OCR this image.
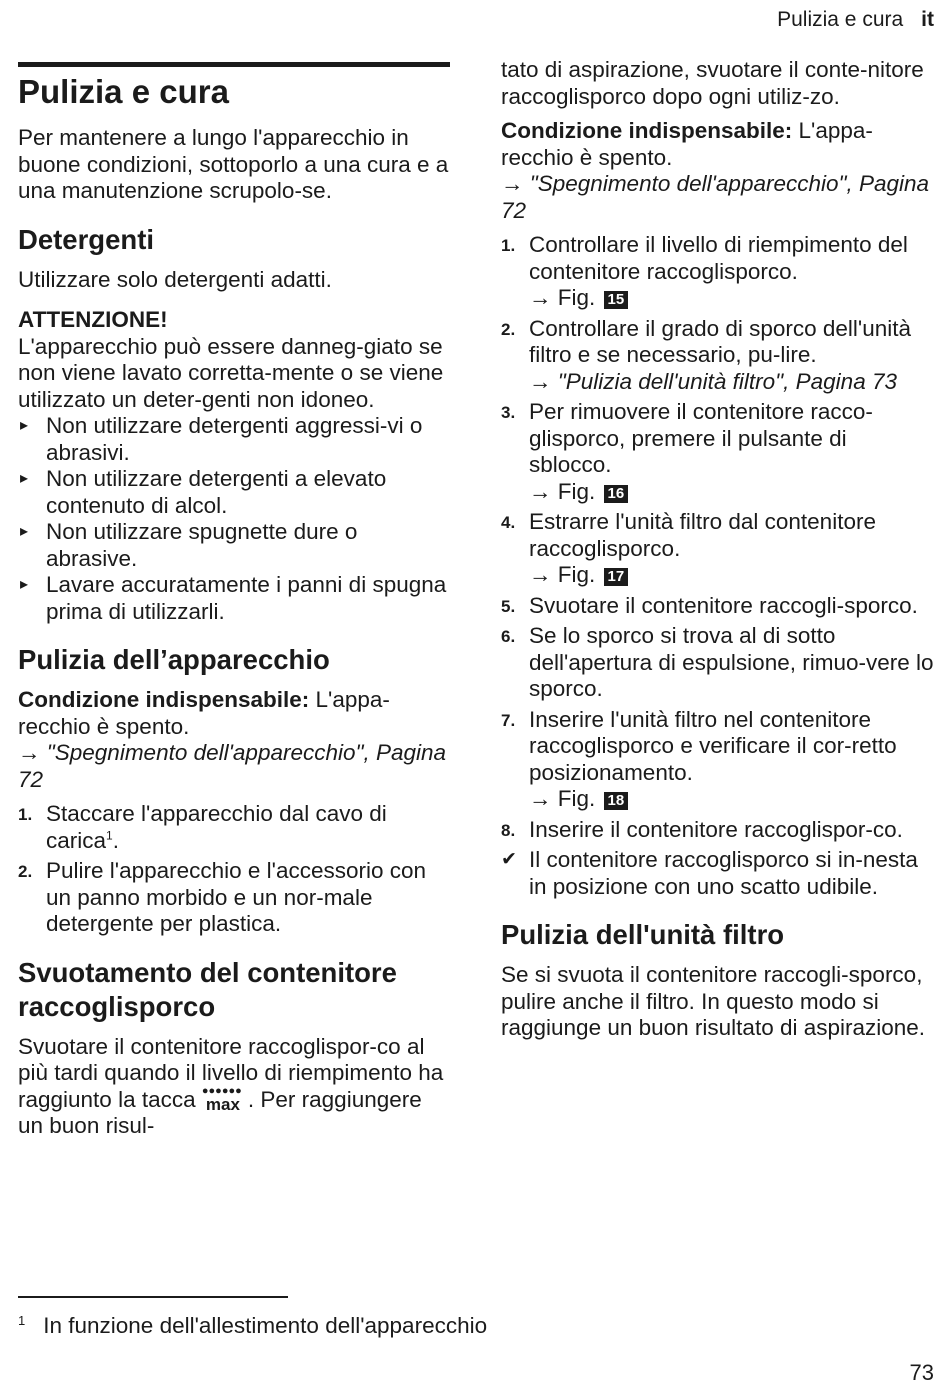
Pulizia e cura it
Pulizia e cura

Per mantenere a lungo l'apparecchio in buone condizioni, sottoporlo a una cura e a una manutenzione scrupolo-se.

Detergenti

Utilizzare solo detergenti adatti.

ATTENZIONE!
L'apparecchio può essere danneg-giato se non viene lavato corretta-mente o se viene utilizzato un deter-genti non idoneo.
▸ Non utilizzare detergenti aggressi-vi o abrasivi.
▸ Non utilizzare detergenti a elevato contenuto di alcol.
▸ Non utilizzare spugnette dure o abrasive.
▸ Lavare accuratamente i panni di spugna prima di utilizzarli.
Pulizia dell’apparecchio

Condizione indispensabile: L'appa-recchio è spento.

→ "Spegnimento dell'apparecchio", Pagina 72

1. Staccare l'apparecchio dal cavo di carica$^1$.
2. Pulire l'apparecchio e l'accessorio con un panno morbido e un nor-male detergente per plastica.
Svuotamento del contenitore raccoglisporco

Svuotare il contenitore raccoglispor-co al più tardi quando il livello di riempimento ha raggiunto la tacca ●●●●●●
max . Per raggiungere un buon risul-

tato di aspirazione, svuotare il conte-nitore raccoglisporco dopo ogni utiliz-zo.

Condizione indispensabile: L'appa-recchio è spento.

→ "Spegnimento dell'apparecchio", Pagina 72

1. Controllare il livello di riempimento del contenitore raccoglisporco.
→ Fig. 15
2. Controllare il grado di sporco dell'unità filtro e se necessario, pu-lire.
→ "Pulizia dell'unità filtro", Pagina 73
3. Per rimuovere il contenitore racco-glisporco, premere il pulsante di sblocco.
→ Fig. 16
4. Estrarre l'unità filtro dal contenitore raccoglisporco.
→ Fig. 17
5. Svuotare il contenitore raccogli-sporco.
6. Se lo sporco si trova al di sotto dell'apertura di espulsione, rimuo-vere lo sporco.
7. Inserire l'unità filtro nel contenitore raccoglisporco e verificare il cor-retto posizionamento.
→ Fig. 18
8. Inserire il contenitore raccoglispor-co.
✔ Il contenitore raccoglisporco si in-nesta in posizione con uno scatto udibile.
Pulizia dell'unità filtro

Se si svuota il contenitore raccogli-sporco, pulire anche il filtro. In questo modo si raggiunge un buon risultato di aspirazione.

$^1$ In funzione dell'allestimento dell'apparecchio
73
